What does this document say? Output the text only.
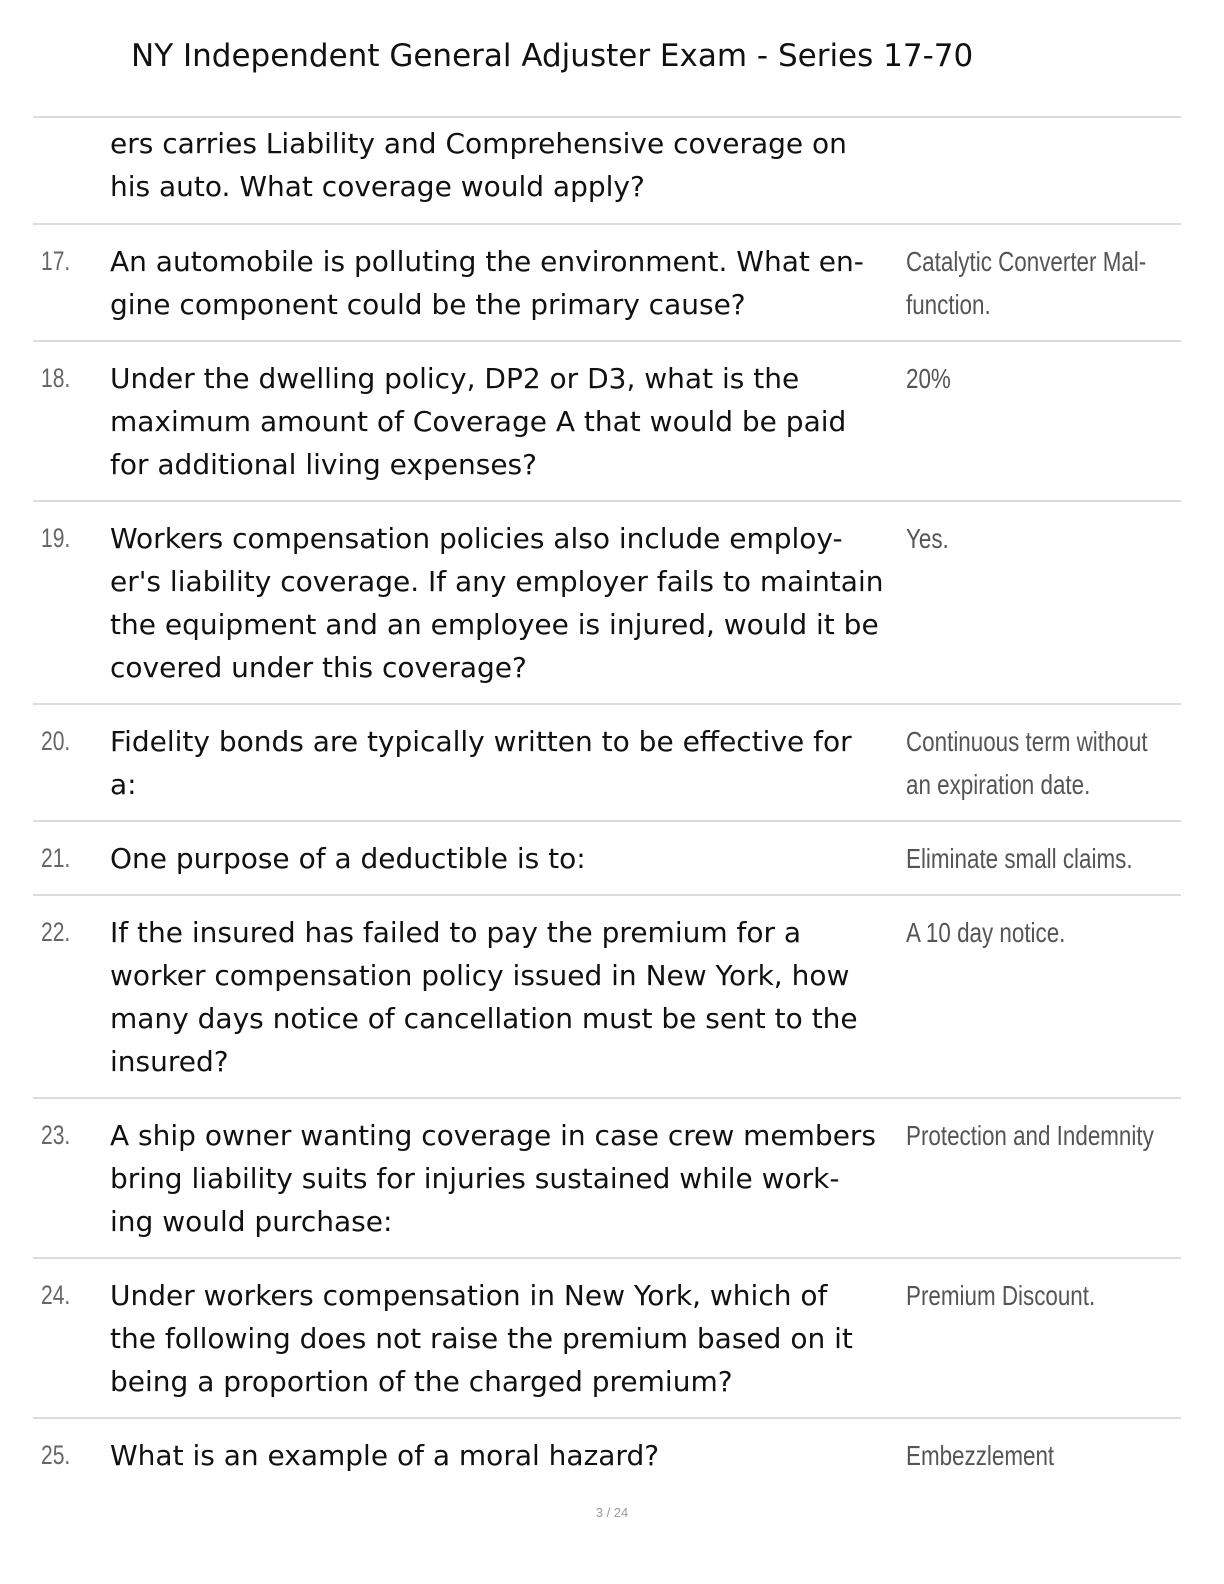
NY Independent General Adjuster Exam - Series 17-70
ers carries Liability and Comprehensive coverage on
his auto. What coverage would apply?
17. An automobile is polluting the environment. What en-
gine component could be the primary cause?
Catalytic Converter Mal-
function.
18. Under the dwelling policy, DP2 or D3, what is the
maximum amount of Coverage A that would be paid
for additional living expenses?
20%
19. Workers compensation policies also include employ-
er's liability coverage. If any employer fails to maintain
the equipment and an employee is injured, would it be
covered under this coverage?
Yes.
20. Fidelity bonds are typically written to be effective for
a:
Continuous term without
an expiration date.
21. One purpose of a deductible is to:	Eliminate small claims.
22. If the insured has failed to pay the premium for a
worker compensation policy issued in New York, how
many days notice of cancellation must be sent to the
insured?
A 10 day notice.
23. A ship owner wanting coverage in case crew members
bring liability suits for injuries sustained while work-
ing would purchase:
Protection and Indemnity
24. Under workers compensation in New York, which of
the following does not raise the premium based on it
being a proportion of the charged premium?
Premium Discount.
25. What is an example of a moral hazard?	Embezzlement
3 / 24
